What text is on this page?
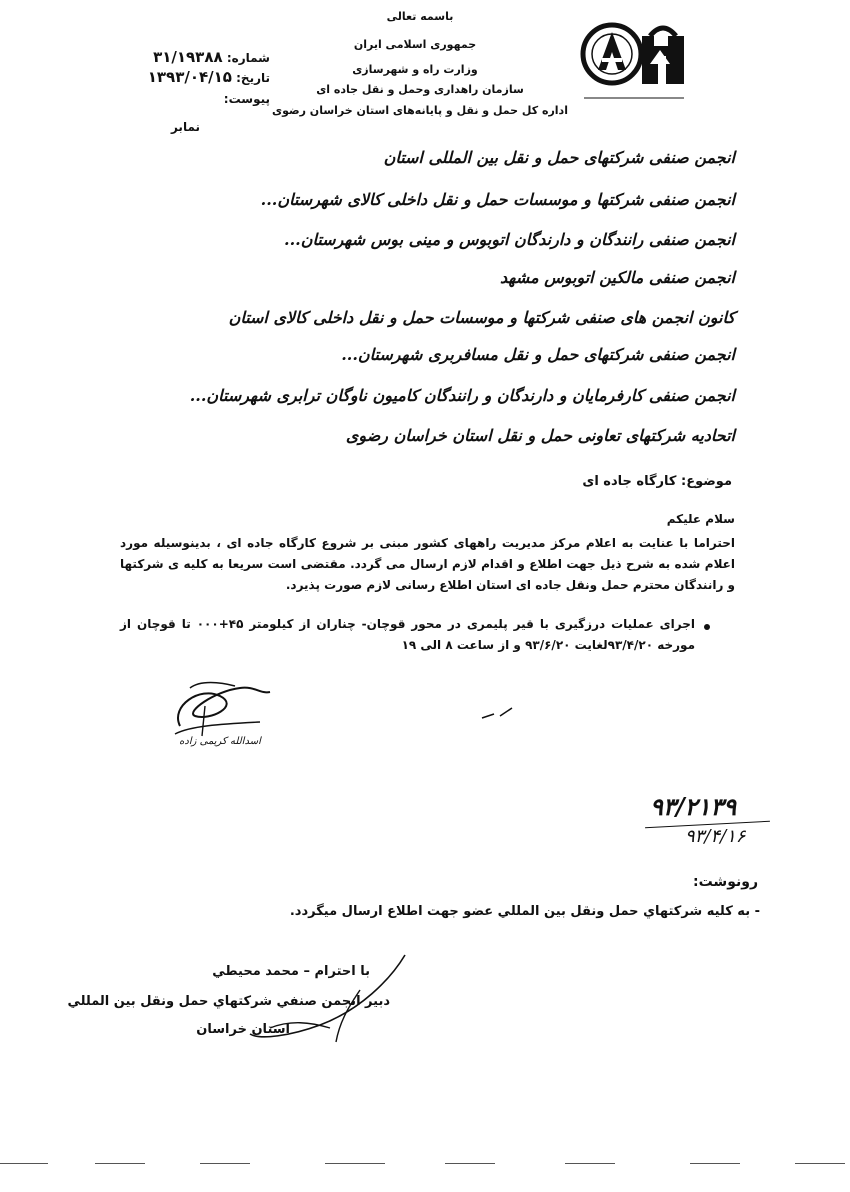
باسمه تعالی
جمهوری اسلامی ایران
وزارت راه و شهرسازی
سازمان راهداری وحمل و نقل جاده ای
اداره کل حمل و نقل و پایانه‌های استان خراسان رضوی
شماره: ۳۱/۱۹۳۸۸
تاریخ: ۱۳۹۳/۰۴/۱۵
پیوست:
نمابر
انجمن صنفی شرکتهای حمل و نقل بین المللی استان
انجمن صنفی شرکتها و موسسات حمل و نقل داخلی کالای شهرستان...
انجمن صنفی رانندگان و دارندگان اتوبوس و مینی بوس شهرستان...
انجمن صنفی مالکین اتوبوس مشهد
کانون انجمن های صنفی شرکتها و موسسات حمل و نقل داخلی کالای استان
انجمن صنفی شرکتهای حمل و نقل مسافربری شهرستان...
انجمن صنفی کارفرمایان و دارندگان و رانندگان کامیون ناوگان ترابری شهرستان...
اتحادیه شرکتهای تعاونی حمل و نقل استان خراسان رضوی
موضوع: کارگاه جاده ای
سلام علیکم
احتراما با عنایت به اعلام مرکز مدیریت راههای کشور مبنی بر شروع کارگاه جاده ای ، بدینوسیله مورد اعلام شده به شرح ذیل جهت اطلاع و اقدام لازم ارسال می گردد. مقتضی است سریعا به کلیه ی شرکتها و رانندگان محترم حمل ونقل جاده ای استان اطلاع رسانی لازم صورت پذیرد.
اجرای عملیات درزگیری با قیر پلیمری در محور قوچان- چناران از کیلومتر ۴۵+۰۰۰ تا قوچان از مورخه ۹۳/۴/۲۰لغایت ۹۳/۶/۲۰ و از ساعت ۸ الی ۱۹
اسدالله کریمی زاده
۹۳/۲۱۳۹
۹۳/۴/۱۶
رونوشت:
- به كليه شركتهاي حمل ونقل بين المللي عضو جهت اطلاع ارسال ميگردد.
با احترام – محمد محيطي
دبير انجمن صنفي شركتهاي حمل ونقل بين المللي
استان خراسان
